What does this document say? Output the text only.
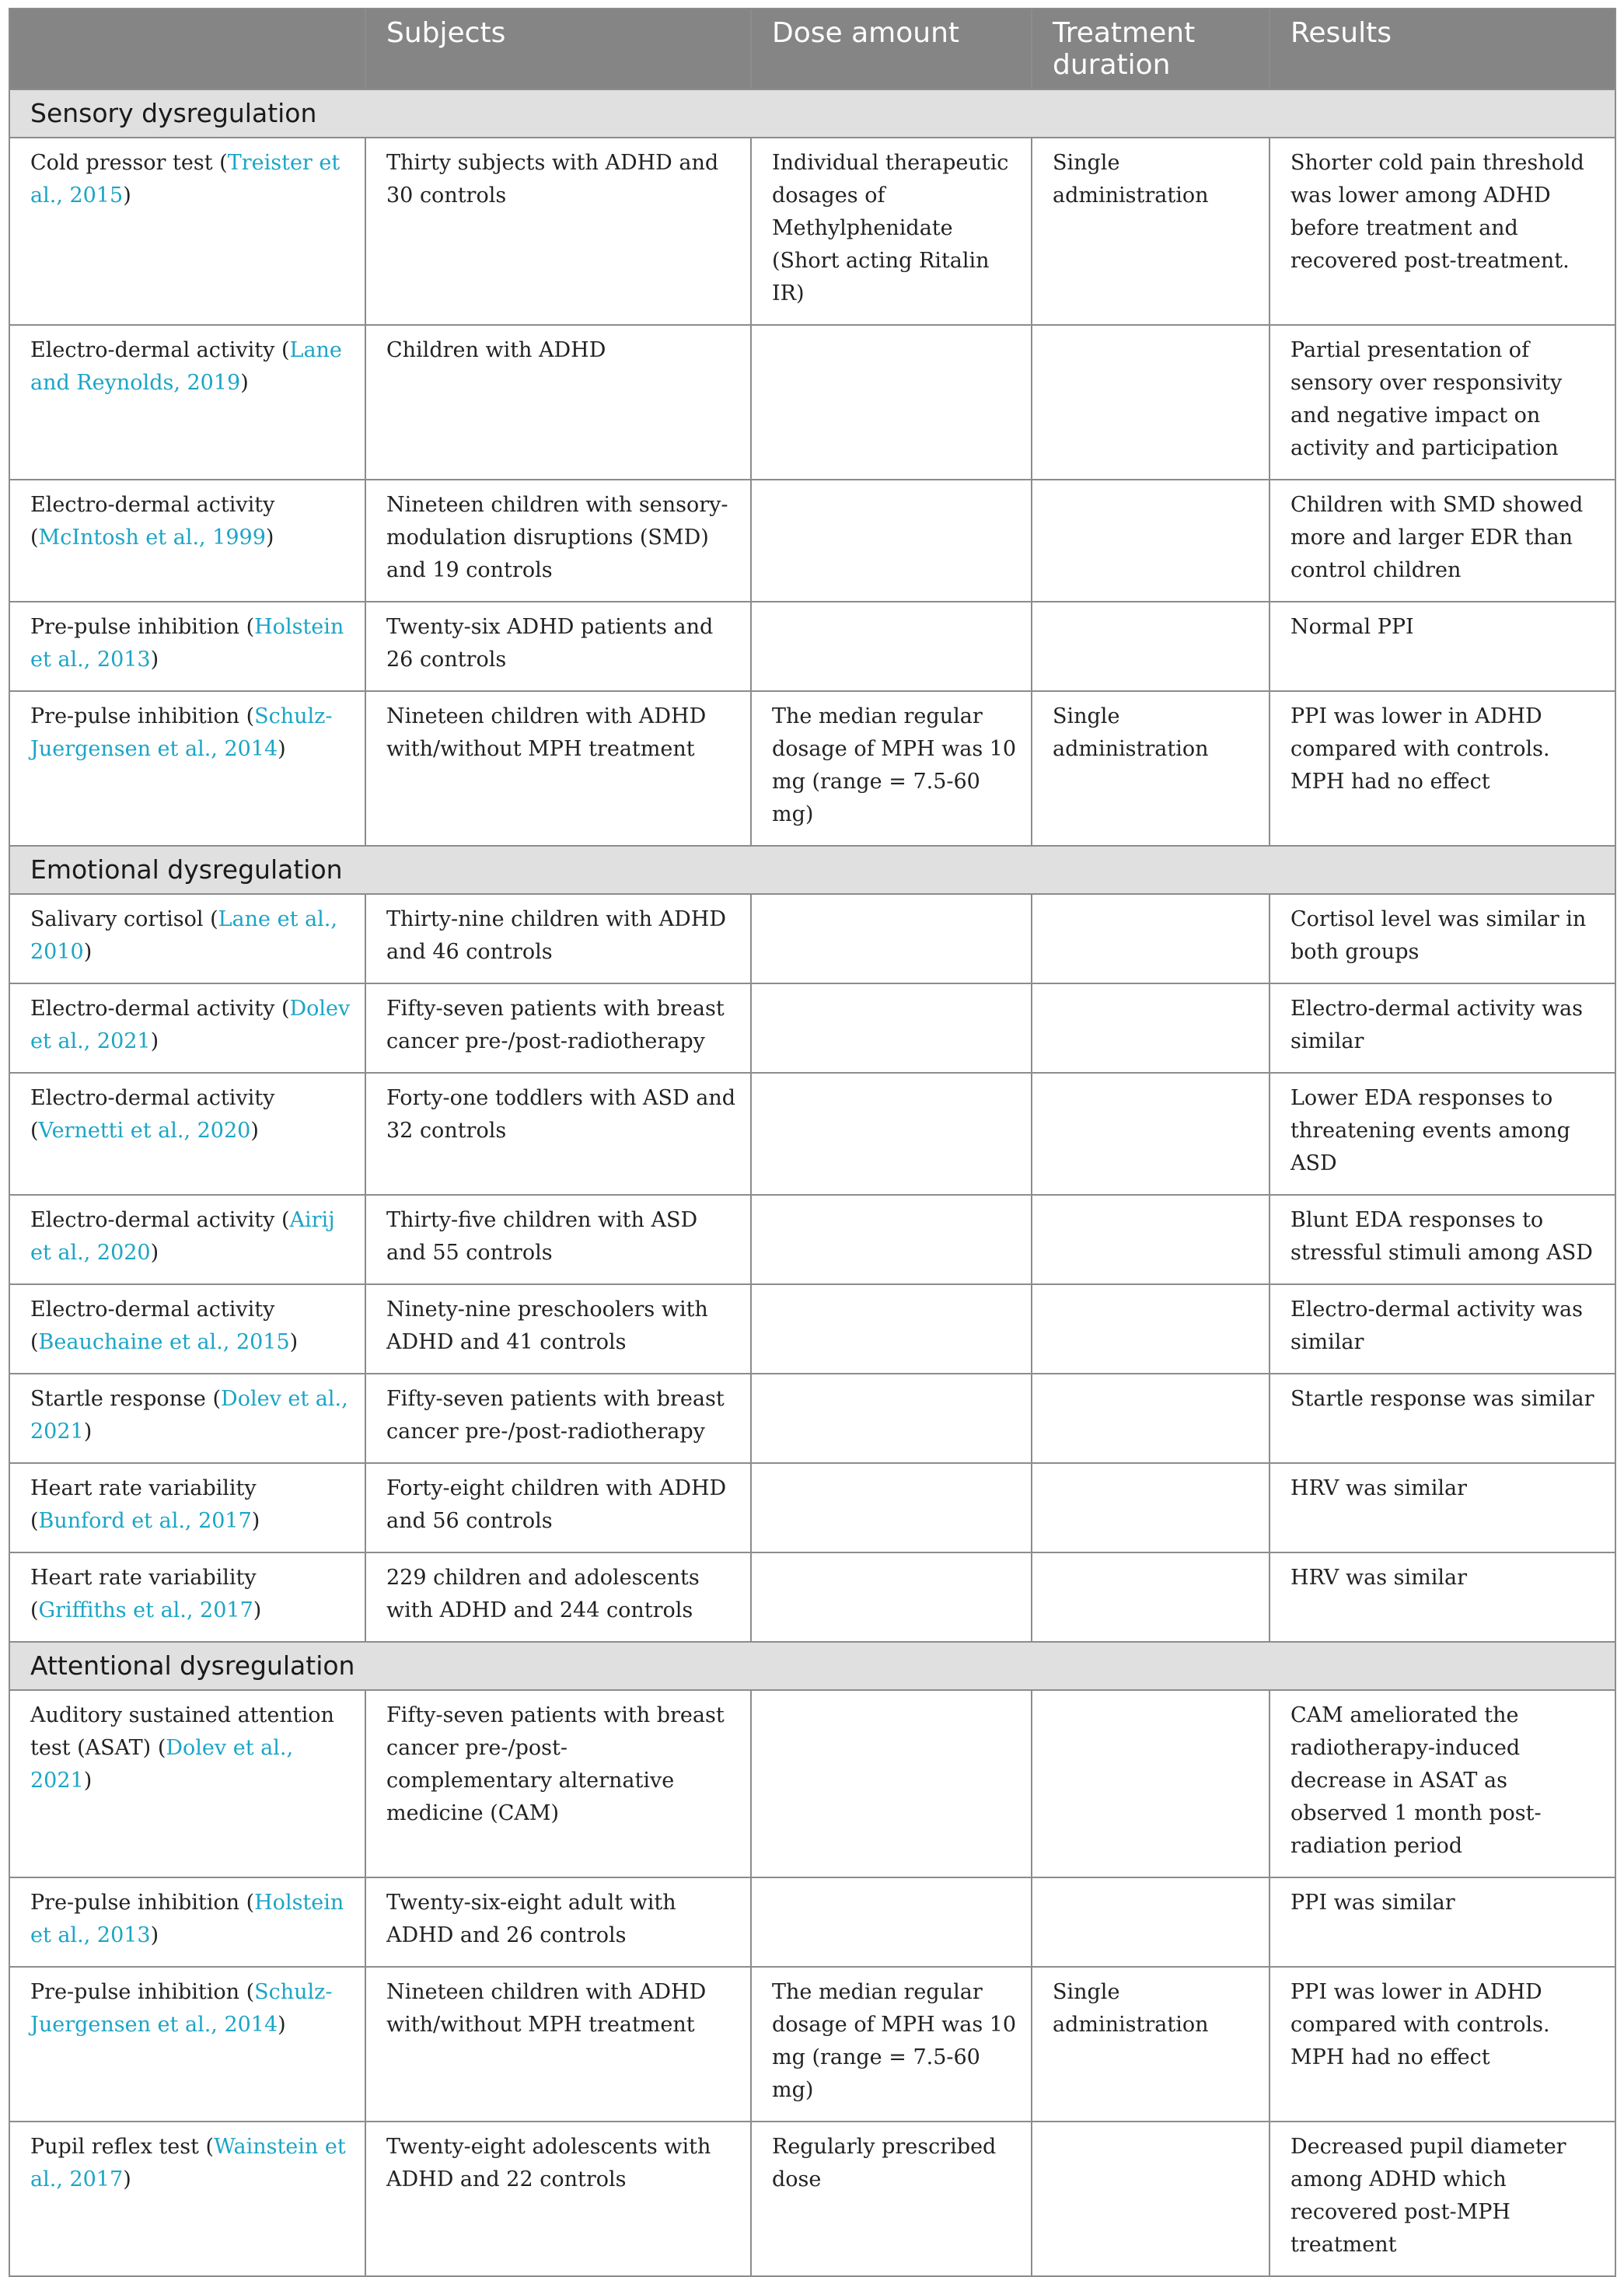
	Subjects	Dose amount	Treatment duration	Results
Sensory dysregulation				
Cold pressor test (Treister et al., 2015)	Thirty subjects with ADHD and 30 controls	Individual therapeutic dosages of Methylphenidate (Short acting Ritalin IR)	Single administration	Shorter cold pain threshold was lower among ADHD before treatment and recovered post-treatment.
Electro-dermal activity (Lane and Reynolds, 2019)	Children with ADHD			Partial presentation of sensory over responsivity and negative impact on activity and participation
Electro-dermal activity (McIntosh et al., 1999)	Nineteen children with sensory-modulation disruptions (SMD) and 19 controls			Children with SMD showed more and larger EDR than control children
Pre-pulse inhibition (Holstein et al., 2013)	Twenty-six ADHD patients and 26 controls			Normal PPI
Pre-pulse inhibition (Schulz-Juergensen et al., 2014)	Nineteen children with ADHD with/without MPH treatment	The median regular dosage of MPH was 10 mg (range = 7.5-60 mg)	Single administration	PPI was lower in ADHD compared with controls. MPH had no effect
Emotional dysregulation				
Salivary cortisol (Lane et al., 2010)	Thirty-nine children with ADHD and 46 controls			Cortisol level was similar in both groups
Electro-dermal activity (Dolev et al., 2021)	Fifty-seven patients with breast cancer pre-/post-radiotherapy			Electro-dermal activity was similar
Electro-dermal activity (Vernetti et al., 2020)	Forty-one toddlers with ASD and 32 controls			Lower EDA responses to threatening events among ASD
Electro-dermal activity (Airij et al., 2020)	Thirty-five children with ASD and 55 controls			Blunt EDA responses to stressful stimuli among ASD
Electro-dermal activity (Beauchaine et al., 2015)	Ninety-nine preschoolers with ADHD and 41 controls			Electro-dermal activity was similar
Startle response (Dolev et al., 2021)	Fifty-seven patients with breast cancer pre-/post-radiotherapy			Startle response was similar
Heart rate variability (Bunford et al., 2017)	Forty-eight children with ADHD and 56 controls			HRV was similar
Heart rate variability (Griffiths et al., 2017)	229 children and adolescents with ADHD and 244 controls			HRV was similar
Attentional dysregulation				
Auditory sustained attention test (ASAT) (Dolev et al., 2021)	Fifty-seven patients with breast cancer pre-/post- complementary alternative medicine (CAM)			CAM ameliorated the radiotherapy-induced decrease in ASAT as observed 1 month post-radiation period
Pre-pulse inhibition (Holstein et al., 2013)	Twenty-six-eight adult with ADHD and 26 controls			PPI was similar
Pre-pulse inhibition (Schulz-Juergensen et al., 2014)	Nineteen children with ADHD with/without MPH treatment	The median regular dosage of MPH was 10 mg (range = 7.5-60 mg)	Single administration	PPI was lower in ADHD compared with controls. MPH had no effect
Pupil reflex test (Wainstein et al., 2017)	Twenty-eight adolescents with ADHD and 22 controls	Regularly prescribed dose		Decreased pupil diameter among ADHD which recovered post-MPH treatment
